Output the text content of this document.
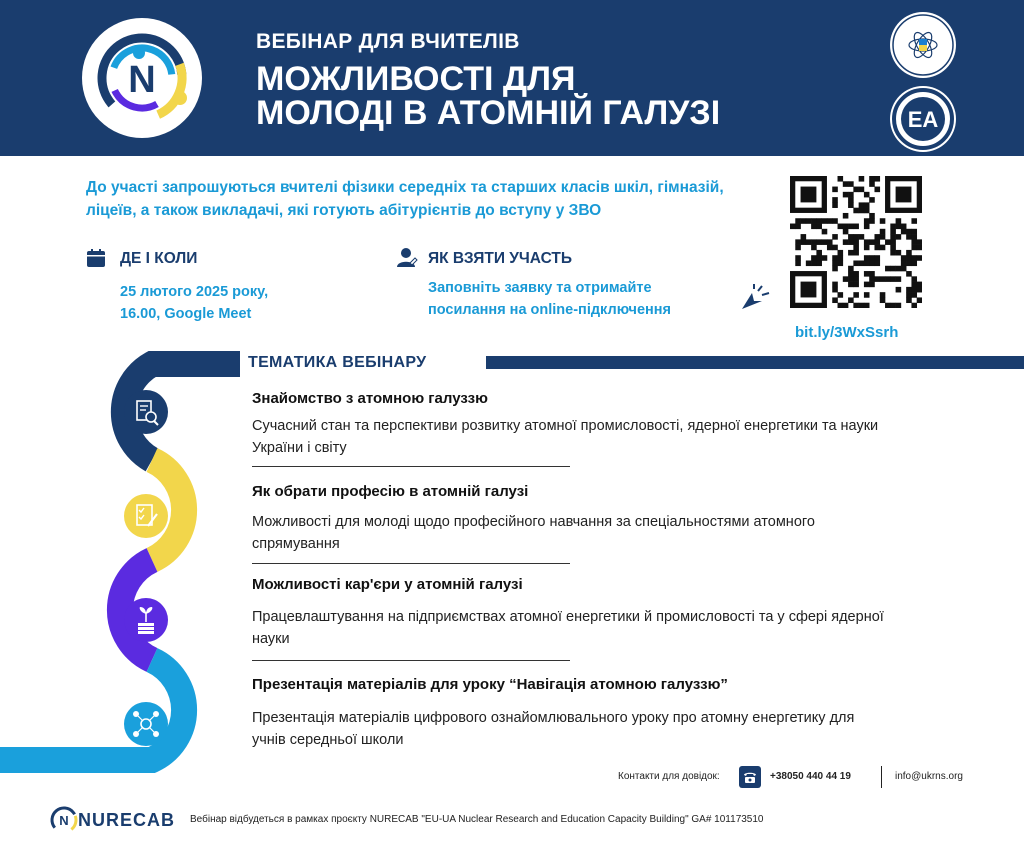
N
ВЕБІНАР ДЛЯ ВЧИТЕЛІВ
МОЖЛИВОСТІ ДЛЯ
МОЛОДІ В АТОМНІЙ ГАЛУЗІ	EA
До участі запрошуються вчителі фізики середніх та старших класів шкіл, гімназій, ліцеїв, а також викладачі, які готують абітурієнтів до вступу у ЗВО
ДЕ І КОЛИ
25 лютого 2025 року,
16.00, Google Meet
ЯК ВЗЯТИ УЧАСТЬ
Заповніть заявку та отримайте
посилання на online-підключення
bit.ly/3WxSsrh
ТЕМАТИКА ВЕБІНАРУ
Знайомство з атомною галуззю
Сучасний стан та перспективи розвитку атомної промисловості, ядерної енергетики та науки України і світу
Як обрати професію в атомній галузі
Можливості для молоді щодо професійного навчання за спеціальностями атомного спрямування
Можливості кар'єри у атомній галузі
Працевлаштування на підприємствах атомної енергетики й промисловості та у сфері ядерної науки
Презентація матеріалів для уроку “Навігація атомною галуззю”
Презентація матеріалів цифрового ознайомлювального уроку про атомну енергетику для учнів середньої школи
Контакти для довідок:	+38050 440 44 19	info@ukrns.org
N NURECAB Вебінар відбудеться в рамках проєкту NURECAB "EU-UA Nuclear Research and Education Capacity Building" GA# 101173510
